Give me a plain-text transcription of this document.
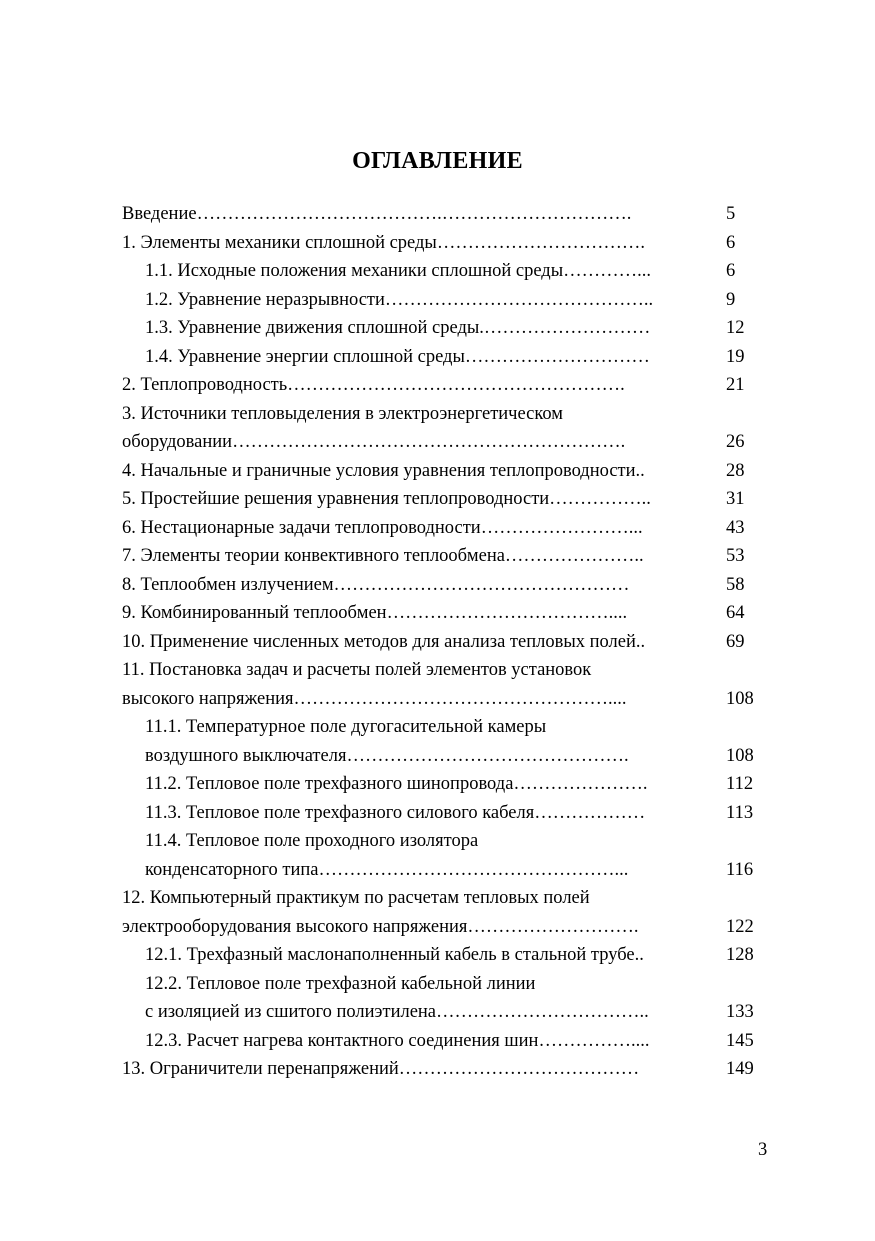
ОГЛАВЛЕНИЕ
Введение………………………………….………………………….	5
1. Элементы механики сплошной среды…………………………….	6
1.1. Исходные положения механики сплошной среды…………...	6
1.2. Уравнение неразрывности……………………………………..	9
1.3. Уравнение движения сплошной среды.………………………	12
1.4. Уравнение энергии сплошной среды…………………………	19
2. Теплопроводность……………………………………………….	21
3. Источники тепловыделения в электроэнергетическом
оборудовании……………………………………………………….	26
4. Начальные и граничные условия уравнения теплопроводности..	28
5. Простейшие решения уравнения теплопроводности……………..	31
6. Нестационарные задачи теплопроводности……………………...	43
7. Элементы теории конвективного теплообмена…………………..	53
8. Теплообмен излучением…………………………………………	58
9. Комбинированный теплообмен………………………………....	64
10. Применение численных методов для анализа тепловых полей..	69
11. Постановка задач и расчеты полей элементов установок
высокого напряжения……………………………………………....	108
11.1. Температурное поле дугогасительной камеры
воздушного выключателя……………………………………….	108
11.2. Тепловое поле трехфазного шинопровода………………….	112
11.3. Тепловое поле трехфазного силового кабеля………………	113
11.4. Тепловое поле проходного изолятора
конденсаторного типа…………………………………………...	116
12. Компьютерный практикум по расчетам тепловых полей
электрооборудования высокого напряжения……………………….	122
12.1. Трехфазный маслонаполненный кабель в стальной трубе..	128
12.2. Тепловое поле трехфазной кабельной линии
с изоляцией из сшитого полиэтилена……………………………..	133
12.3. Расчет нагрева контактного соединения шин……………....	145
13. Ограничители перенапряжений…………………………………	149
3
